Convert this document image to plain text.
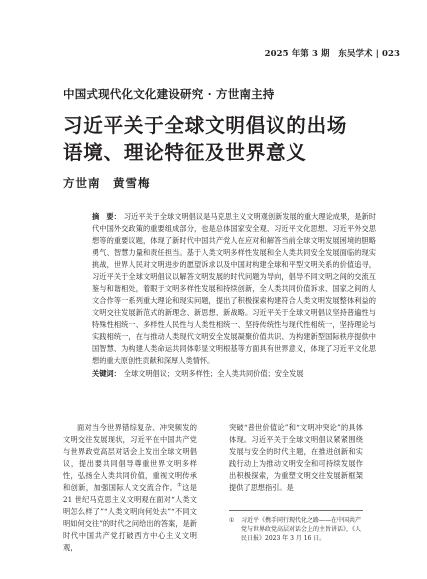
2025 年第 3 期　东吴学术 | 023
中国式现代化文化建设研究 · 方世南主持
习近平关于全球文明倡议的出场语境、理论特征及世界意义
方世南　黄雪梅
摘　要： 习近平关于全球文明倡议是马克思主义文明观创新发展的重大理论成果，是新时代中国外交政策的重要组成部分，也是总体国家安全观、习近平文化思想、习近平外交思想等的重要议题，体现了新时代中国共产党人在应对和解答当前全球文明发展困境的胆略勇气、智慧力量和责任担当。基于人类文明多样性发展和全人类共同安全发展面临的现实挑战，世界人民对文明进步的愿望诉求以及中国对构建全球和平型文明关系的价值追寻，习近平关于全球文明倡议以解答文明发展的时代问题为导向，倡导不同文明之间的交流互鉴与和谐相处，着眼于文明多样性发展和持续创新，全人类共同价值诉求、国家之间的人文合作等一系列重大理论和现实问题，提出了积极探索构建符合人类文明发展整体利益的文明交往发展新范式的新理念、新思想、新战略。习近平关于全球文明倡议坚持普遍性与特殊性相统一、多样性人民性与人类性相统一、坚持传统性与现代性相统一，坚持理论与实践相统一，在与推动人类现代文明安全发展凝聚价值共识、为构建新型国际秩序提供中国智慧、为构建人类命运共同体彰显文明根基等方面具有世界意义，体现了习近平文化思想的重大原创性贡献和深厚人类情怀。
关键词： 全球文明倡议；文明多样性；全人类共同价值；安全发展

面对当今世界错综复杂、冲突频发的文明交往发展现状，习近平在中国共产党与世界政党高层对话会上发出全球文明倡议，提出要共同倡导尊重世界文明多样性，弘扬全人类共同价值，重视文明传承和创新，加强国际人文交流合作。①这是 21 世纪马克思主义文明观在面对“人类文明怎么样了”“人类文明向何处去”“不同文明如何交往”的时代之问给出的答案，是新时代中国共产党打破西方中心主义文明观，

突破“普世价值论”和“文明冲突论”的具体体现。习近平关于全球文明倡议紧紧围绕发展与安全的时代主题，在推进创新和实践行动上为推动文明安全和可持续发展作出积极探索，为重塑文明交往发展新框架提供了思想指引。是

①	习近平《携手同行现代化之路——在中国共产党与世界政党高层对话会上的主旨讲话》，《人民日报》2023 年 3 月 16 日。
